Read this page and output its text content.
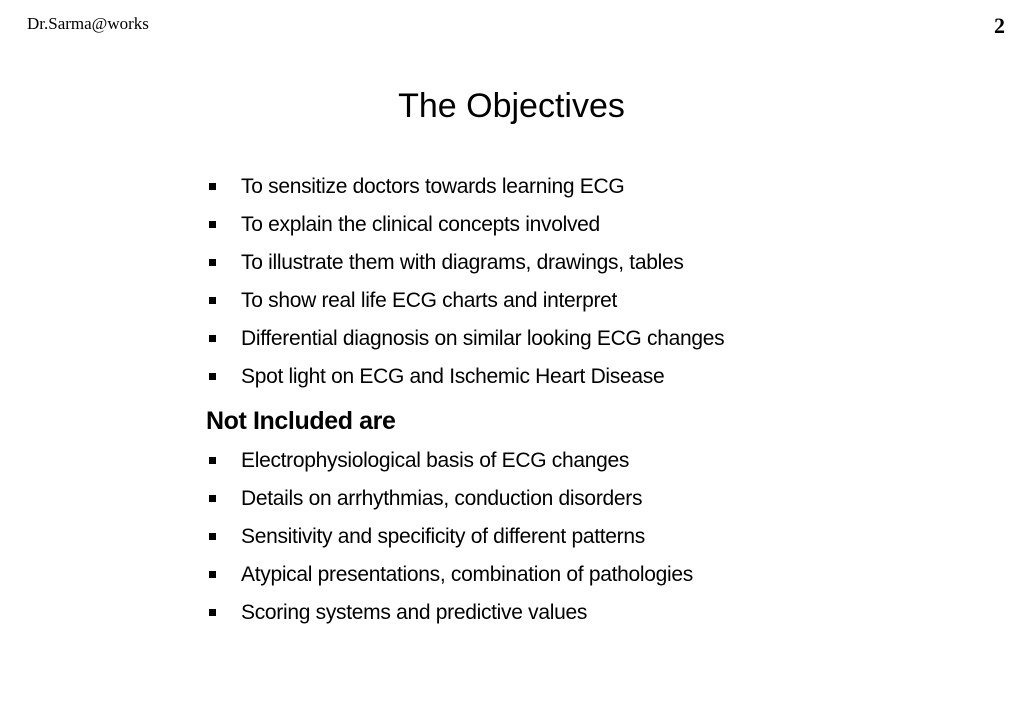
Dr.Sarma@works	2
The Objectives
To sensitize doctors towards learning ECG
To explain the clinical concepts involved
To illustrate them with diagrams, drawings, tables
To show real life ECG charts and interpret
Differential diagnosis on similar looking ECG changes
Spot light on ECG and Ischemic Heart Disease
Not Included are
Electrophysiological basis of ECG changes
Details on arrhythmias, conduction disorders
Sensitivity and specificity of different patterns
Atypical presentations, combination of pathologies
Scoring systems and predictive values
